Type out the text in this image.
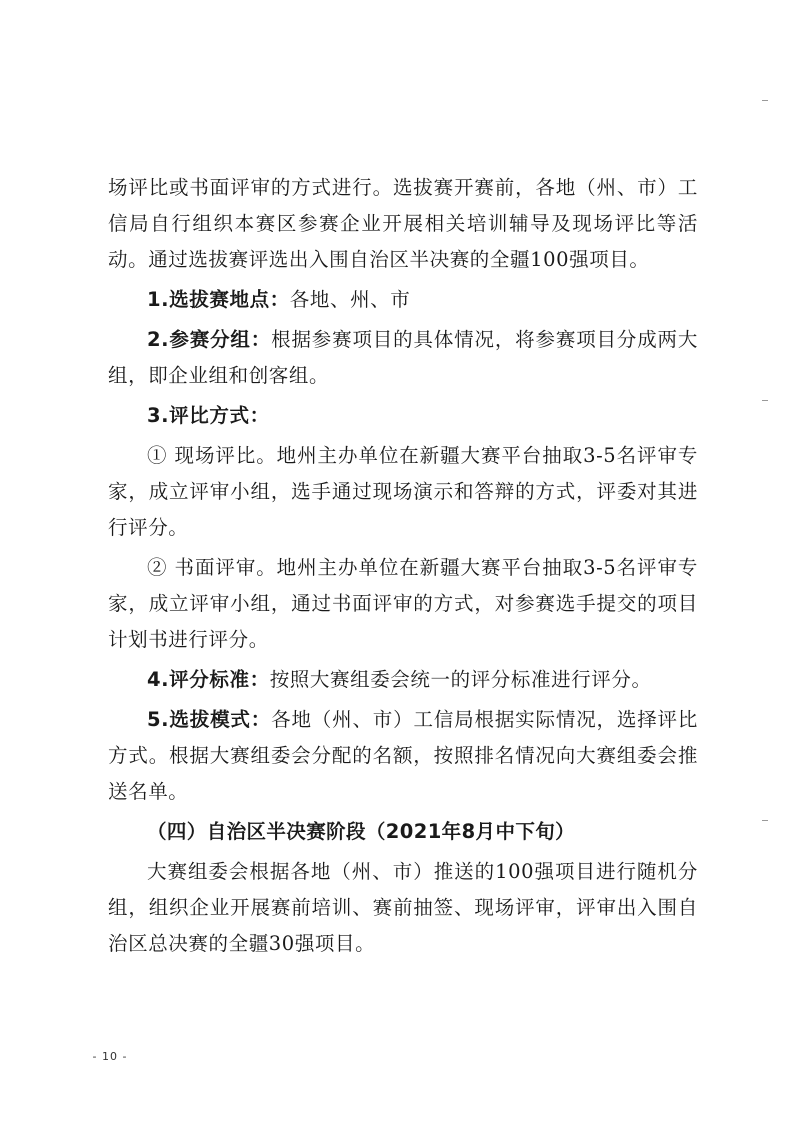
场评比或书面评审的方式进行。选拔赛开赛前，各地（州、市）工信局自行组织本赛区参赛企业开展相关培训辅导及现场评比等活动。通过选拔赛评选出入围自治区半决赛的全疆100强项目。

1.选拔赛地点：各地、州、市

2.参赛分组：根据参赛项目的具体情况，将参赛项目分成两大组，即企业组和创客组。

3.评比方式：

① 现场评比。地州主办单位在新疆大赛平台抽取3-5名评审专家，成立评审小组，选手通过现场演示和答辩的方式，评委对其进行评分。

② 书面评审。地州主办单位在新疆大赛平台抽取3-5名评审专家，成立评审小组，通过书面评审的方式，对参赛选手提交的项目计划书进行评分。

4.评分标准：按照大赛组委会统一的评分标准进行评分。

5.选拔模式：各地（州、市）工信局根据实际情况，选择评比方式。根据大赛组委会分配的名额，按照排名情况向大赛组委会推送名单。

（四）自治区半决赛阶段（2021年8月中下旬）

大赛组委会根据各地（州、市）推送的100强项目进行随机分组，组织企业开展赛前培训、赛前抽签、现场评审，评审出入围自治区总决赛的全疆30强项目。

- 10 -
